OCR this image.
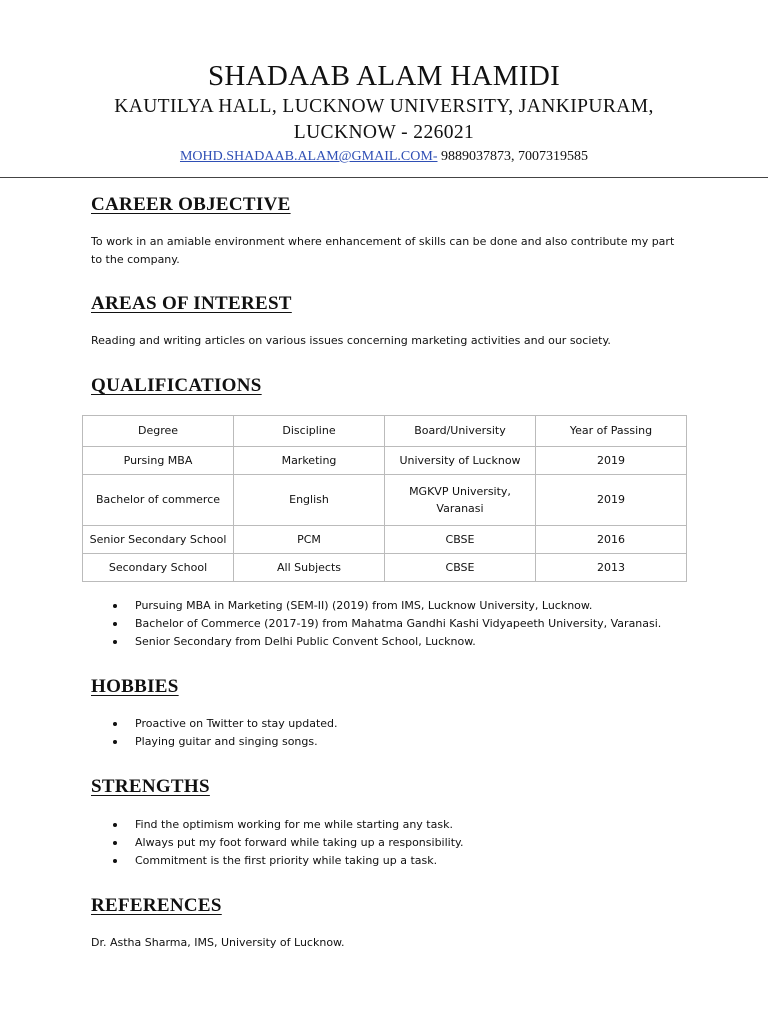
SHADAAB ALAM HAMIDI
KAUTILYA HALL, LUCKNOW UNIVERSITY, JANKIPURAM,
LUCKNOW - 226021
MOHD.SHADAAB.ALAM@GMAIL.COM- 9889037873, 7007319585
CAREER OBJECTIVE

To work in an amiable environment where enhancement of skills can be done and also contribute my part to the company.

AREAS OF INTEREST

Reading and writing articles on various issues concerning marketing activities and our society.

QUALIFICATIONS
Degree	Discipline	Board/University	Year of Passing
Pursing MBA	Marketing	University of Lucknow	2019
Bachelor of commerce	English	MGKVP University, Varanasi	2019
Senior Secondary School	PCM	CBSE	2016
Secondary School	All Subjects	CBSE	2013
Pursuing MBA in Marketing (SEM-II) (2019) from IMS, Lucknow University, Lucknow.
Bachelor of Commerce (2017-19) from Mahatma Gandhi Kashi Vidyapeeth University, Varanasi.
Senior Secondary from Delhi Public Convent School, Lucknow.
HOBBIES
Proactive on Twitter to stay updated.
Playing guitar and singing songs.
STRENGTHS
Find the optimism working for me while starting any task.
Always put my foot forward while taking up a responsibility.
Commitment is the first priority while taking up a task.
REFERENCES

Dr. Astha Sharma, IMS, University of Lucknow.
